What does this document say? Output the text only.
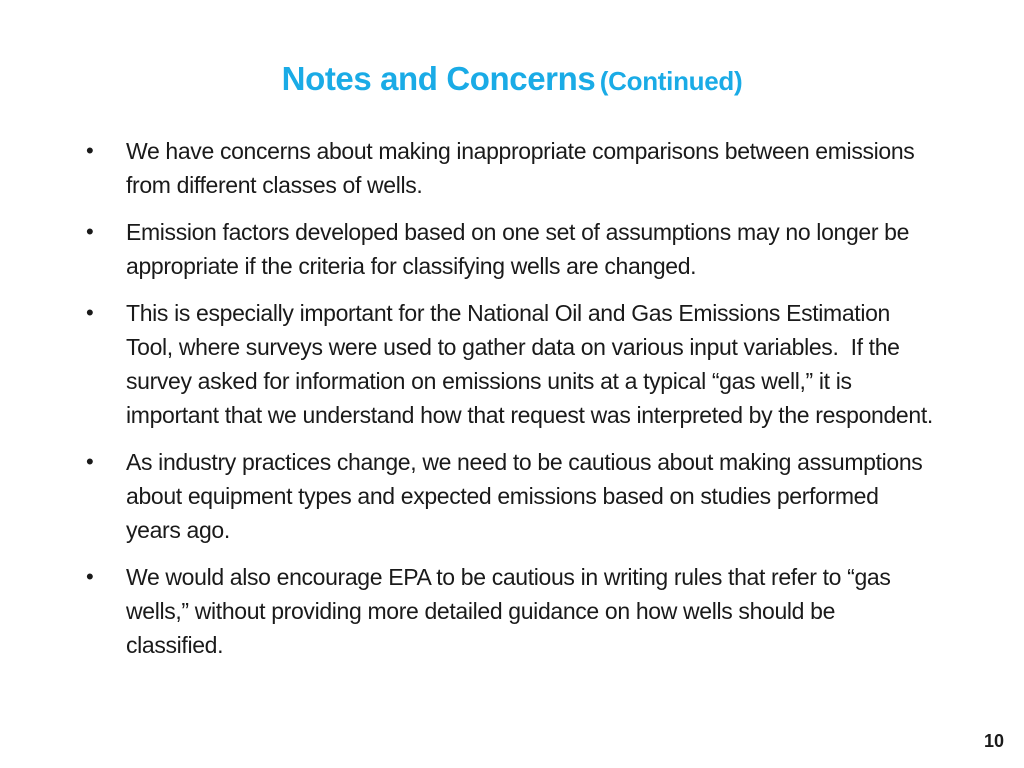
Notes and Concerns (Continued)
•	We have concerns about making inappropriate comparisons between emissions from different classes of wells.
•	Emission factors developed based on one set of assumptions may no longer be appropriate if the criteria for classifying wells are changed.
•	This is especially important for the National Oil and Gas Emissions Estimation Tool, where surveys were used to gather data on various input variables.  If the survey asked for information on emissions units at a typical “gas well,” it is important that we understand how that request was interpreted by the respondent.
•	As industry practices change, we need to be cautious about making assumptions about equipment types and expected emissions based on studies performed years ago.
•	We would also encourage EPA to be cautious in writing rules that refer to “gas wells,” without providing more detailed guidance on how wells should be classified.
10
